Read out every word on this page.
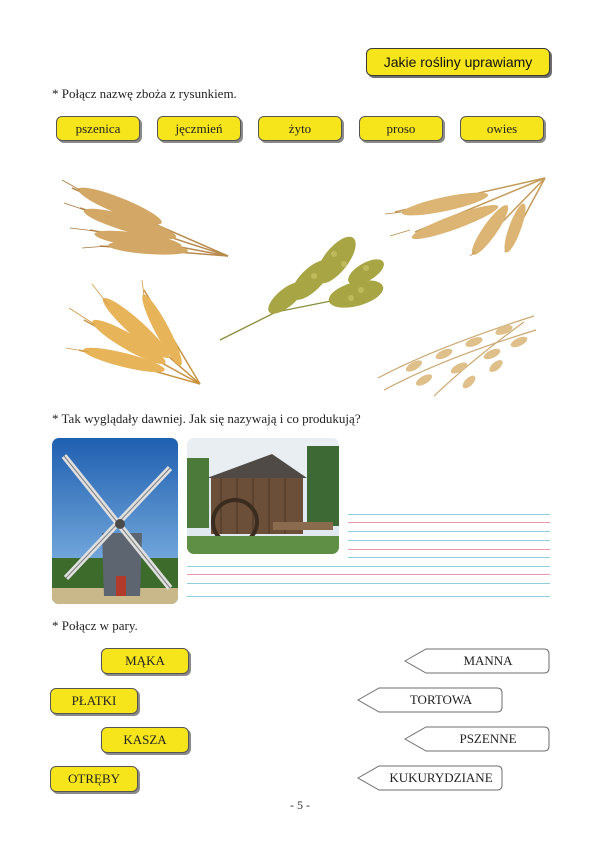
Jakie rośliny uprawiamy
* Połącz nazwę zboża z rysunkiem.
pszenica	jęczmień	żyto	proso	owies
* Tak wyglądały dawniej. Jak się nazywają i co produkują?
* Połącz w pary.
MĄKA
PŁATKI
KASZA
OTRĘBY
MANNA
TORTOWA
PSZENNE
KUKURYDZIANE
- 5 -
